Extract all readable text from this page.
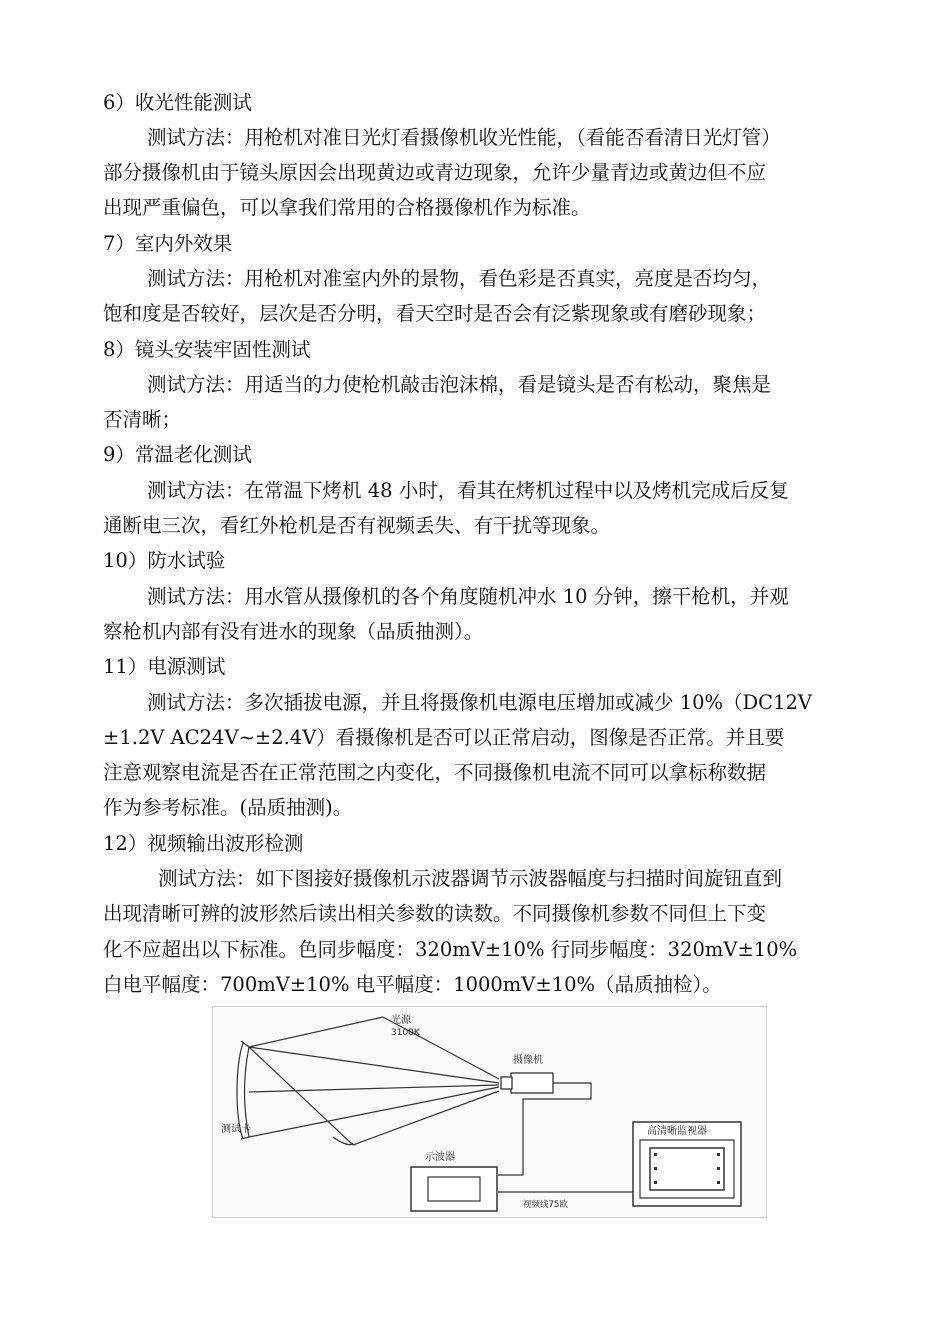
6）收光性能测试
测试方法：用枪机对准日光灯看摄像机收光性能，（看能否看清日光灯管）
部分摄像机由于镜头原因会出现黄边或青边现象，允许少量青边或黄边但不应
出现严重偏色，可以拿我们常用的合格摄像机作为标准。
7）室内外效果
测试方法：用枪机对准室内外的景物，看色彩是否真实，亮度是否均匀，
饱和度是否较好，层次是否分明，看天空时是否会有泛紫现象或有磨砂现象；
8）镜头安装牢固性测试
测试方法：用适当的力使枪机敲击泡沫棉，看是镜头是否有松动，聚焦是
否清晰；
9）常温老化测试
测试方法：在常温下烤机 48 小时，看其在烤机过程中以及烤机完成后反复
通断电三次，看红外枪机是否有视频丢失、有干扰等现象。
10）防水试验
测试方法：用水管从摄像机的各个角度随机冲水 10 分钟，擦干枪机，并观
察枪机内部有没有进水的现象（品质抽测）。
11）电源测试
测试方法：多次插拔电源，并且将摄像机电源电压增加或减少 10%（DC12V
±1.2V AC24V~±2.4V）看摄像机是否可以正常启动，图像是否正常。并且要
注意观察电流是否在正常范围之内变化，不同摄像机电流不同可以拿标称数据
作为参考标准。(品质抽测)。
12）视频输出波形检测
测试方法：如下图接好摄像机示波器调节示波器幅度与扫描时间旋钮直到
出现清晰可辨的波形然后读出相关参数的读数。不同摄像机参数不同但上下变
化不应超出以下标准。色同步幅度：320mV±10% 行同步幅度：320mV±10%
白电平幅度：700mV±10% 电平幅度：1000mV±10%（品质抽检）。
光源
3100K
测试卡
摄像机
示波器
视频线75欧
高清晰监视器
